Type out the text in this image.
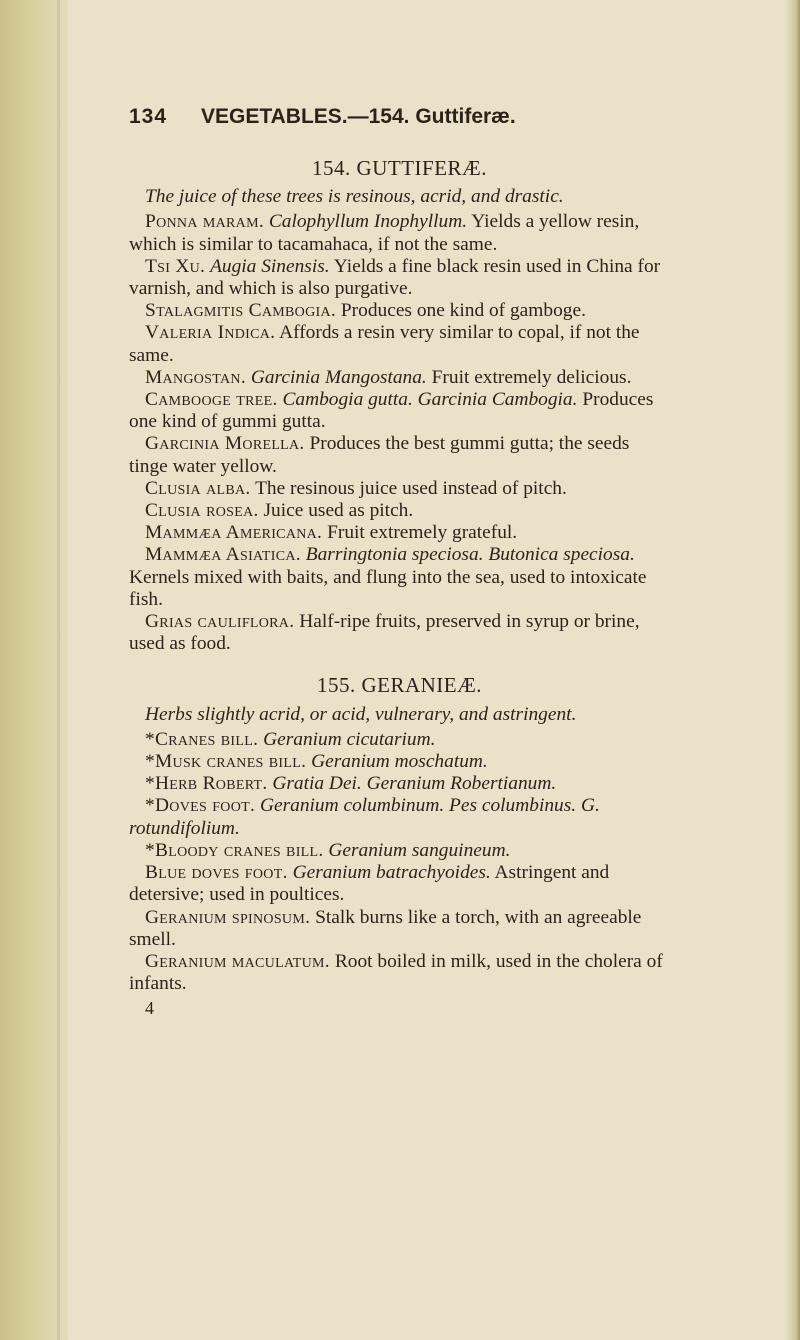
134 VEGETABLES.—154. Guttiferæ.
154. GUTTIFERÆ.

The juice of these trees is resinous, acrid, and drastic.

Ponna maram. Calophyllum Inophyllum. Yields a yellow resin, which is similar to tacamahaca, if not the same.

Tsi Xu. Augia Sinensis. Yields a fine black resin used in China for varnish, and which is also purgative.

Stalagmitis Cambogia. Produces one kind of gamboge.

Valeria Indica. Affords a resin very similar to copal, if not the same.

Mangostan. Garcinia Mangostana. Fruit extremely delicious.

Cambooge tree. Cambogia gutta. Garcinia Cambogia. Produces one kind of gummi gutta.

Garcinia Morella. Produces the best gummi gutta; the seeds tinge water yellow.

Clusia alba. The resinous juice used instead of pitch.

Clusia rosea. Juice used as pitch.

Mammæa Americana. Fruit extremely grateful.

Mammæa Asiatica. Barringtonia speciosa. Butonica speciosa. Kernels mixed with baits, and flung into the sea, used to intoxicate fish.

Grias cauliflora. Half-ripe fruits, preserved in syrup or brine, used as food.

155. GERANIEÆ.

Herbs slightly acrid, or acid, vulnerary, and astringent.

*Cranes bill. Geranium cicutarium.

*Musk cranes bill. Geranium moschatum.

*Herb Robert. Gratia Dei. Geranium Robertianum.

*Doves foot. Geranium columbinum. Pes columbinus. G. rotundifolium.

*Bloody cranes bill. Geranium sanguineum.

Blue doves foot. Geranium batrachyoides. Astringent and detersive; used in poultices.

Geranium spinosum. Stalk burns like a torch, with an agreeable smell.

Geranium maculatum. Root boiled in milk, used in the cholera of infants.

4
